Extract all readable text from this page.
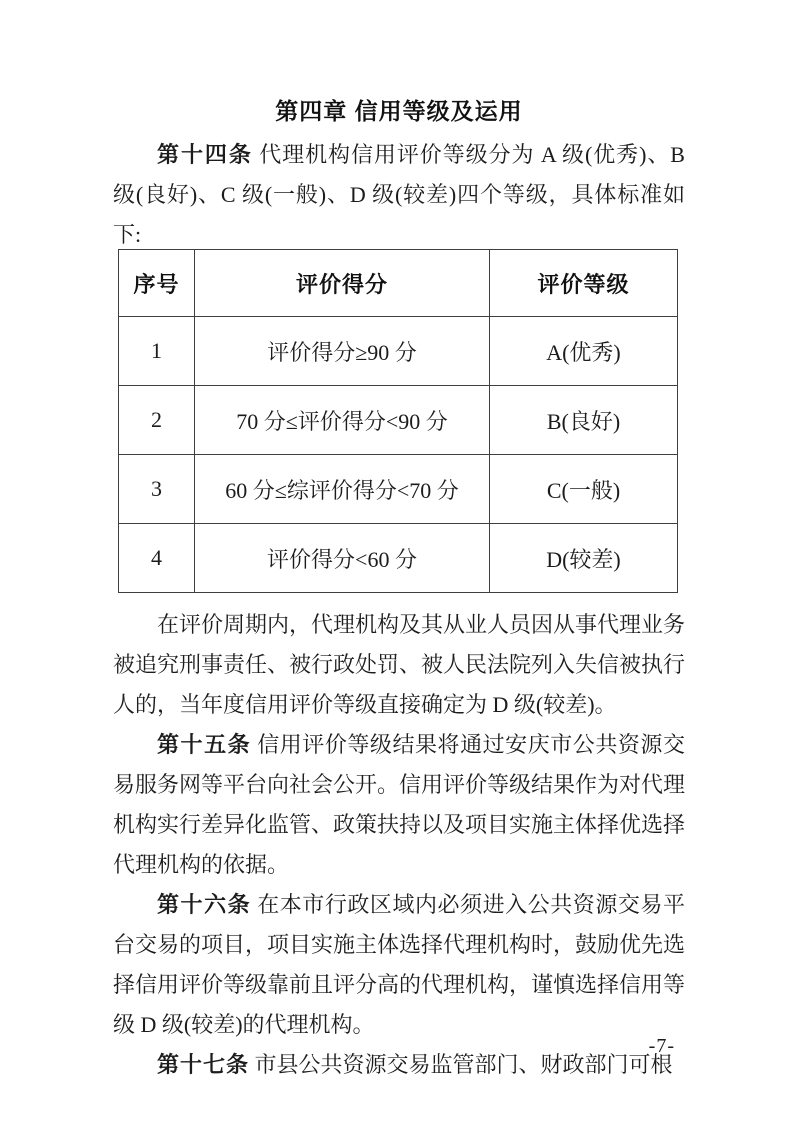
第四章 信用等级及运用

第十四条 代理机构信用评价等级分为 A 级(优秀)、B 级(良好)、C 级(一般)、D 级(较差)四个等级，具体标准如下:

序号	评价得分	评价等级
1	评价得分≥90 分	A(优秀)
2	70 分≤评价得分<90 分	B(良好)
3	60 分≤综评价得分<70 分	C(一般)
4	评价得分<60 分	D(较差)

在评价周期内，代理机构及其从业人员因从事代理业务被追究刑事责任、被行政处罚、被人民法院列入失信被执行人的，当年度信用评价等级直接确定为 D 级(较差)。

第十五条 信用评价等级结果将通过安庆市公共资源交易服务网等平台向社会公开。信用评价等级结果作为对代理机构实行差异化监管、政策扶持以及项目实施主体择优选择代理机构的依据。

第十六条 在本市行政区域内必须进入公共资源交易平台交易的项目，项目实施主体选择代理机构时，鼓励优先选择信用评价等级靠前且评分高的代理机构，谨慎选择信用等级 D 级(较差)的代理机构。

第十七条 市县公共资源交易监管部门、财政部门可根

-7-
